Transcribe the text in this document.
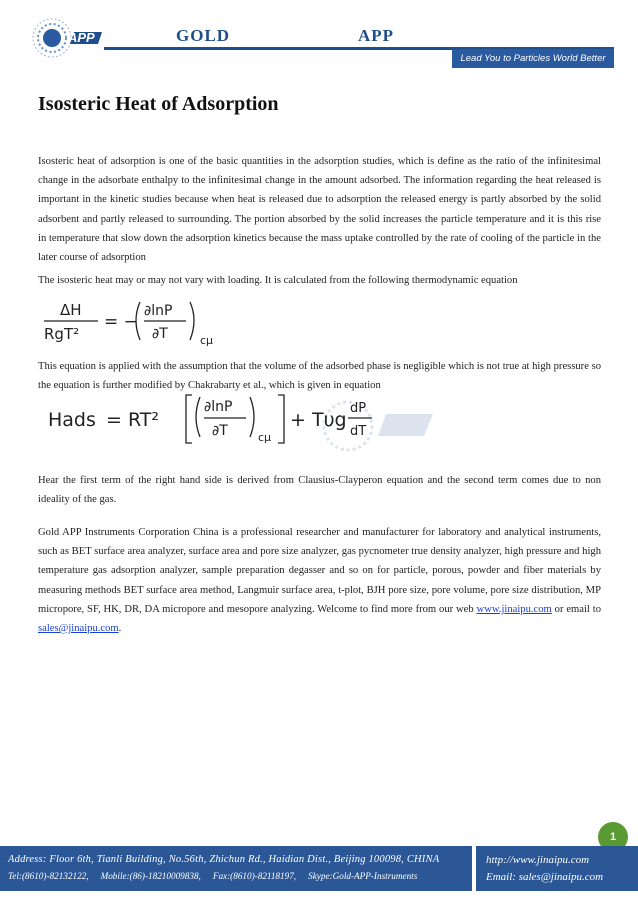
APP	GOLD	APP
Lead You to Particles World Better
Isosteric Heat of Adsorption
Isosteric heat of adsorption is one of the basic quantities in the adsorption studies, which is define as the ratio of the infinitesimal change in the adsorbate enthalpy to the infinitesimal change in the amount adsorbed. The information regarding the heat released is important in the kinetic studies because when heat is released due to adsorption the released energy is partly absorbed by the solid adsorbent and partly released to surrounding. The portion absorbed by the solid increases the particle temperature and it is this rise in temperature that slow down the adsorption kinetics because the mass uptake controlled by the rate of cooling of the particle in the later course of adsorption
The isosteric heat may or may not vary with loading. It is calculated from the following thermodynamic equation
ΔH
RgT²
= −
∂lnP
∂T	cμ
This equation is applied with the assumption that the volume of the adsorbed phase is negligible which is not true at high pressure so the equation is further modified by Chakrabarty et al., which is given in equation
Hads = RT²
∂lnP
∂T	cμ
+ Tυg
dP
dT
Hear the first term of the right hand side is derived from Clausius-Clayperon equation and the second term comes due to non ideality of the gas.
Gold APP Instruments Corporation China is a professional researcher and manufacturer for laboratory and analytical instruments, such as BET surface area analyzer, surface area and pore size analyzer, gas pycnometer true density analyzer, high pressure and high temperature gas adsorption analyzer, sample preparation degasser and so on for particle, porous, powder and fiber materials by measuring methods BET surface area method, Langmuir surface area, t-plot, BJH pore size, pore volume, pore size distribution, MP micropore, SF, HK, DR, DA micropore and mesopore analyzing. Welcome to find more from our web www.jinaipu.com or email to sales@jinaipu.com.
1
Address: Floor 6th, Tianli Building, No.56th, Zhichun Rd., Haidian Dist., Beijing 100098, CHINA
Tel:(8610)-82132122, Mobile:(86)-18210009838, Fax:(8610)-82118197, Skype:Gold-APP-Instruments
http://www.jinaipu.com
Email: sales@jinaipu.com
